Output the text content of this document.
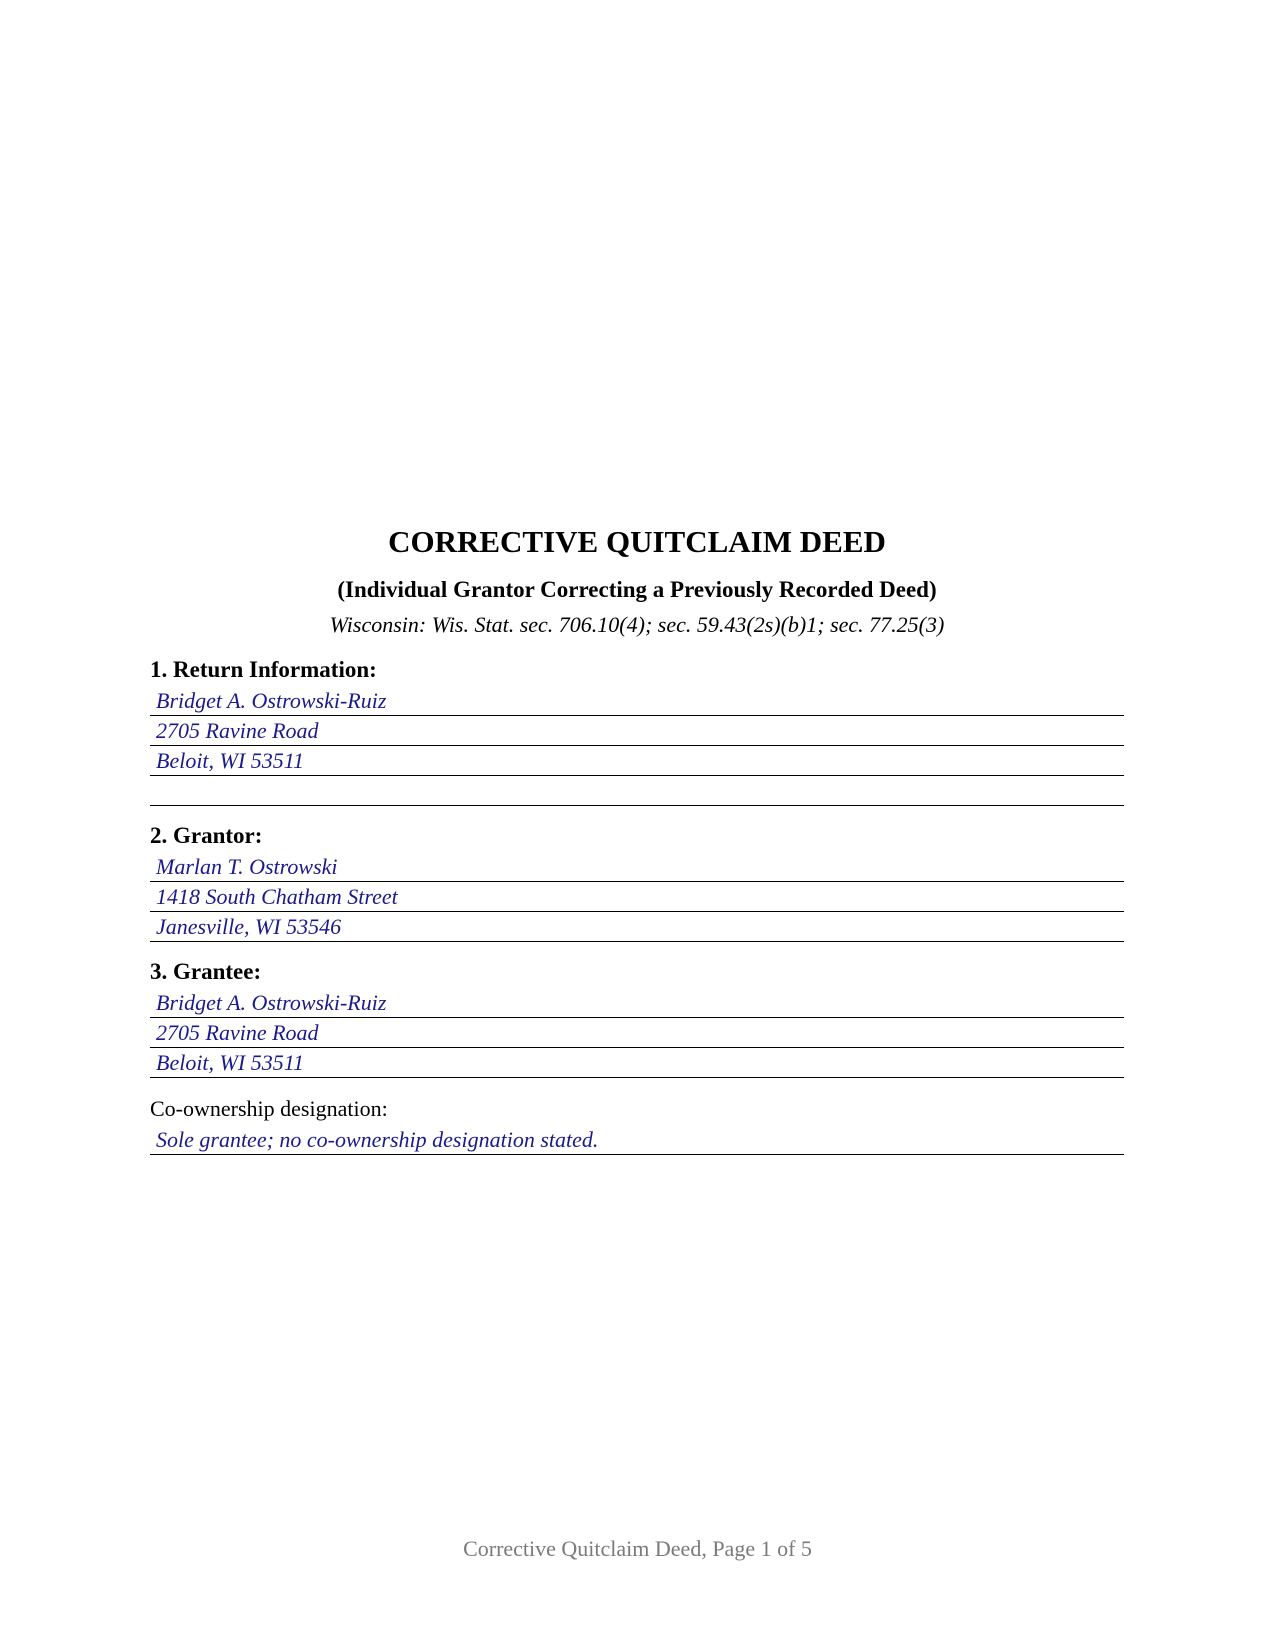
CORRECTIVE QUITCLAIM DEED
(Individual Grantor Correcting a Previously Recorded Deed)
Wisconsin: Wis. Stat. sec. 706.10(4); sec. 59.43(2s)(b)1; sec. 77.25(3)
1. Return Information:
Bridget A. Ostrowski-Ruiz
2705 Ravine Road
Beloit, WI 53511
2. Grantor:
Marlan T. Ostrowski
1418 South Chatham Street
Janesville, WI 53546
3. Grantee:
Bridget A. Ostrowski-Ruiz
2705 Ravine Road
Beloit, WI 53511
Co-ownership designation:
Sole grantee; no co-ownership designation stated.
Corrective Quitclaim Deed, Page 1 of 5
